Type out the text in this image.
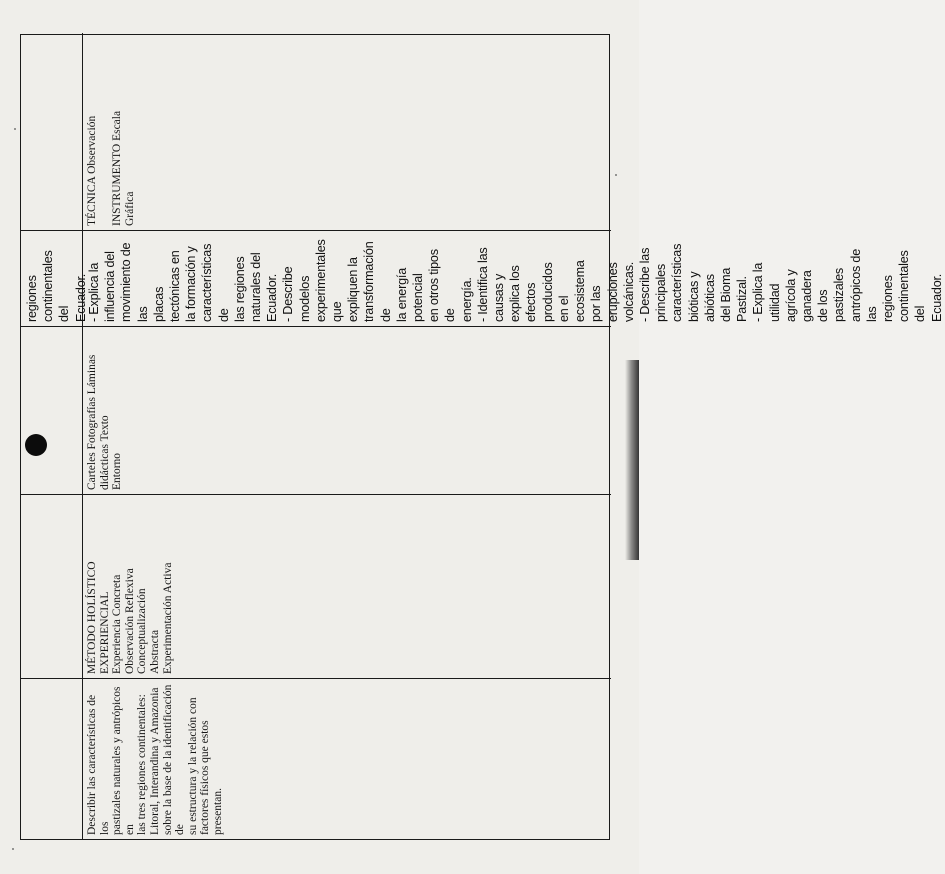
regiones
continentales del
Ecuador.
Describir las características de los
pastizales naturales y antrópicos en
las tres regiones continentales:
Litoral, Interandina y Amazonia
sobre la base de la identificación de
su estructura y la relación con
factores físicos que estos
presentan.
MÉTODO HOLÍSTICO
EXPERIENCIAL
Experiencia Concreta
Observación Reflexiva
Conceptualización
Abstracta
Experimentación Activa
Carteles Fotografías Láminas
didácticas Texto
Entorno
- Explica la
influencia del
movimiento de las
placas tectónicas en
la formación y
características de
las regiones
naturales del
Ecuador.
- Describe modelos
experimentales que
expliquen la
transformación de
la energía potencial
en otros tipos de
energía.
- Identifica las
causas y explica los
efectos producidos
en el ecosistema
por las erupciones
volcánicas.
- Describe las
principales
características
bióticas y abióticas
del Bioma Pastizal.
- Explica la utilidad
agrícola y ganadera
de los pastizales
antrópicos de las
regiones
continentales del
Ecuador.
TÉCNICA Observación

INSTRUMENTO Escala
Gráfica
